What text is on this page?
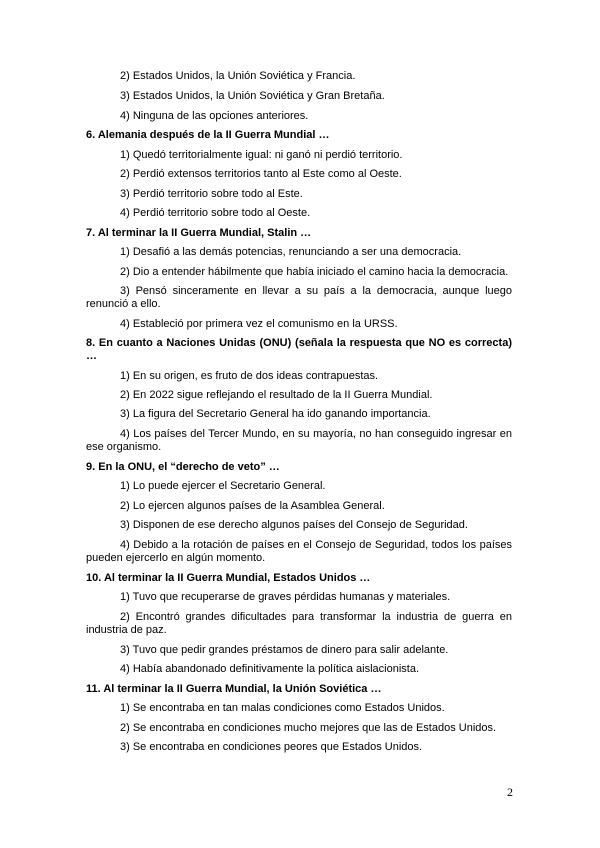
2) Estados Unidos, la Unión Soviética y Francia.
3) Estados Unidos, la Unión Soviética y Gran Bretaña.
4) Ninguna de las opciones anteriores.
6. Alemania después de la II Guerra Mundial …
1) Quedó territorialmente igual: ni ganó ni perdió territorio.
2) Perdió extensos territorios tanto al Este como al Oeste.
3) Perdió territorio sobre todo al Este.
4) Perdió territorio sobre todo al Oeste.
7. Al terminar la II Guerra Mundial, Stalin …
1) Desafió a las demás potencias, renunciando a ser una democracia.
2) Dio a entender hábilmente que había iniciado el camino hacia la democracia.
3) Pensó sinceramente en llevar a su país a la democracia, aunque luego
renunció a ello.
4) Estableció por primera vez el comunismo en la URSS.
8. En cuanto a Naciones Unidas (ONU) (señala la respuesta que NO es correcta)
…
1) En su origen, es fruto de dos ideas contrapuestas.
2) En 2022 sigue reflejando el resultado de la II Guerra Mundial.
3) La figura del Secretario General ha ido ganando importancia.
4) Los países del Tercer Mundo, en su mayoría, no han conseguido ingresar en
ese organismo.
9. En la ONU, el “derecho de veto” …
1) Lo puede ejercer el Secretario General.
2) Lo ejercen algunos países de la Asamblea General.
3) Disponen de ese derecho algunos países del Consejo de Seguridad.
4) Debido a la rotación de países en el Consejo de Seguridad, todos los países
pueden ejercerlo en algún momento.
10. Al terminar la II Guerra Mundial, Estados Unidos …
1) Tuvo que recuperarse de graves pérdidas humanas y materiales.
2) Encontró grandes dificultades para transformar la industria de guerra en
industria de paz.
3) Tuvo que pedir grandes préstamos de dinero para salir adelante.
4) Había abandonado definitivamente la política aislacionista.
11. Al terminar la II Guerra Mundial, la Unión Soviética …
1) Se encontraba en tan malas condiciones como Estados Unidos.
2) Se encontraba en condiciones mucho mejores que las de Estados Unidos.
3) Se encontraba en condiciones peores que Estados Unidos.
2
